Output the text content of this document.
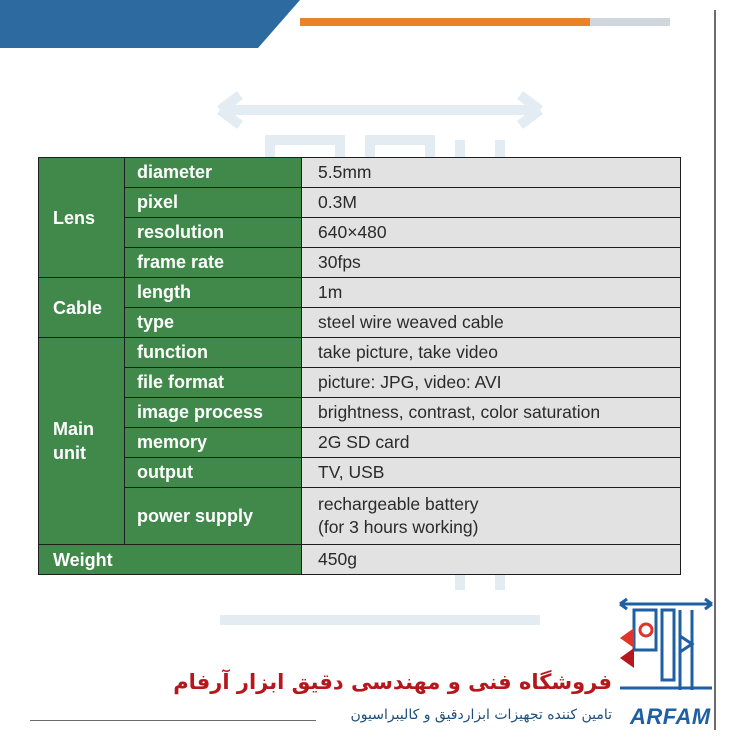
Lens	diameter	5.5mm
	pixel	0.3M
	resolution	640×480
	frame rate	30fps
Cable	length	1m
	type	steel wire weaved cable
Main
unit	function	take picture, take video
	file format	picture: JPG, video: AVI
	image process	brightness, contrast, color saturation
	memory	2G SD card
	output	TV, USB
	power supply	rechargeable battery
(for 3 hours working)

Weight		450g
فروشگاه فنی و مهندسی دقیق ابزار آرفام
تامین کننده تجهیزات ابزاردقیق و کالیبراسیون ARFAM
